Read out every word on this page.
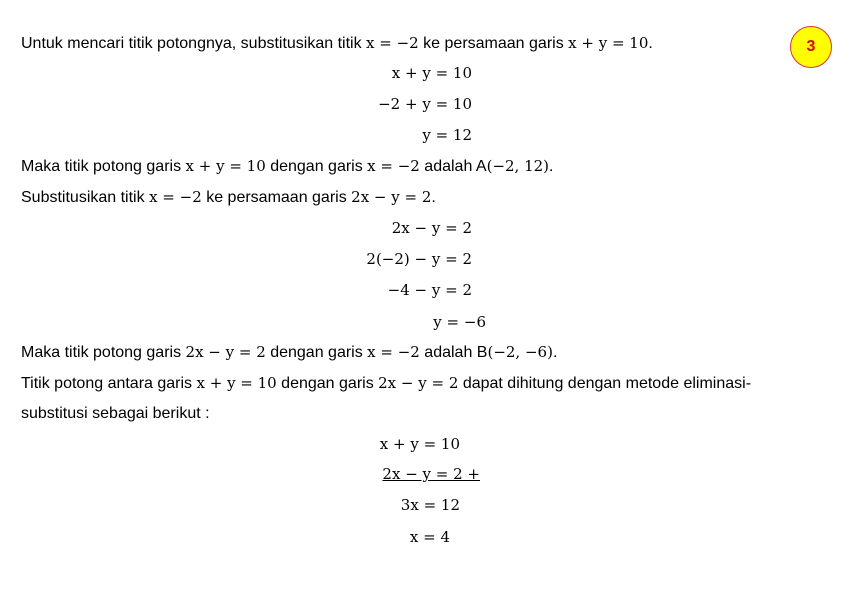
3
Untuk mencari titik potongnya, substitusikan titik x = −2 ke persamaan garis x + y = 10.
x + y = 10
−2 + y = 10
y = 12
Maka titik potong garis x + y = 10 dengan garis x = −2 adalah A(−2, 12).
Substitusikan titik x = −2 ke persamaan garis 2x − y = 2.
2x − y = 2
2(−2) − y = 2
−4 − y = 2
y = −6
Maka titik potong garis 2x − y = 2 dengan garis x = −2 adalah B(−2, −6).
Titik potong antara garis x + y = 10 dengan garis 2x − y = 2 dapat dihitung dengan metode eliminasi-
substitusi sebagai berikut :
x + y = 10
2x − y = 2 +
3x = 12
x = 4
